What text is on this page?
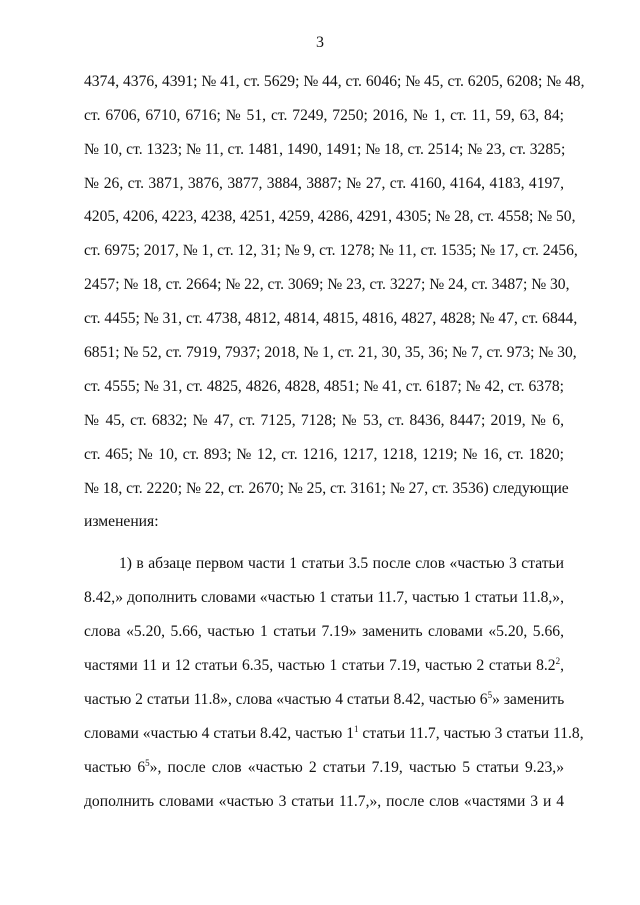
3
4374, 4376, 4391; № 41, ст. 5629; № 44, ст. 6046; № 45, ст. 6205, 6208; № 48,
ст. 6706, 6710, 6716; № 51, ст. 7249, 7250; 2016, № 1, ст. 11, 59, 63, 84;
№ 10, ст. 1323; № 11, ст. 1481, 1490, 1491; № 18, ст. 2514; № 23, ст. 3285;
№ 26, ст. 3871, 3876, 3877, 3884, 3887; № 27, ст. 4160, 4164, 4183, 4197,
4205, 4206, 4223, 4238, 4251, 4259, 4286, 4291, 4305; № 28, ст. 4558; № 50,
ст. 6975; 2017, № 1, ст. 12, 31; № 9, ст. 1278; № 11, ст. 1535; № 17, ст. 2456,
2457; № 18, ст. 2664; № 22, ст. 3069; № 23, ст. 3227; № 24, ст. 3487; № 30,
ст. 4455; № 31, ст. 4738, 4812, 4814, 4815, 4816, 4827, 4828; № 47, ст. 6844,
6851; № 52, ст. 7919, 7937; 2018, № 1, ст. 21, 30, 35, 36; № 7, ст. 973; № 30,
ст. 4555; № 31, ст. 4825, 4826, 4828, 4851; № 41, ст. 6187; № 42, ст. 6378;
№ 45, ст. 6832; № 47, ст. 7125, 7128; № 53, ст. 8436, 8447; 2019, № 6,
ст. 465; № 10, ст. 893; № 12, ст. 1216, 1217, 1218, 1219; № 16, ст. 1820;
№ 18, ст. 2220; № 22, ст. 2670; № 25, ст. 3161; № 27, ст. 3536) следующие
изменения:
1) в абзаце первом части 1 статьи 3.5 после слов «частью 3 статьи
8.42,» дополнить словами «частью 1 статьи 11.7, частью 1 статьи 11.8,»,
слова «5.20, 5.66, частью 1 статьи 7.19» заменить словами «5.20, 5.66,
частями 11 и 12 статьи 6.35, частью 1 статьи 7.19, частью 2 статьи $8.2^2$,
частью 2 статьи 11.8», слова «частью 4 статьи 8.42, частью $6^5$» заменить
словами «частью 4 статьи 8.42, частью $1^1$ статьи 11.7, частью 3 статьи 11.8,
частью $6^5$», после слов «частью 2 статьи 7.19, частью 5 статьи 9.23,»
дополнить словами «частью 3 статьи 11.7,», после слов «частями 3 и 4
